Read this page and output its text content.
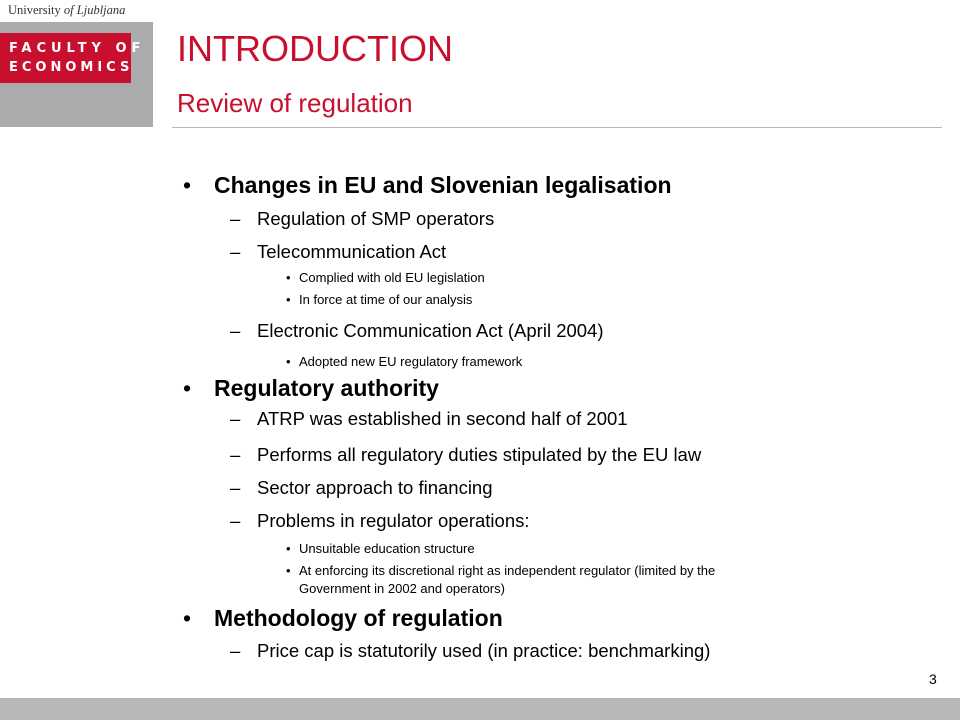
University of Ljubljana
FACULTY OF
ECONOMICS INTRODUCTION
Review of regulation
• Changes in EU and Slovenian legalisation
– Regulation of SMP operators
– Telecommunication Act
• Complied with old EU legislation
• In force at time of our analysis
– Electronic Communication Act (April 2004)
• Adopted new EU regulatory framework
• Regulatory authority
– ATRP was established in second half of 2001
– Performs all regulatory duties stipulated by the EU law
– Sector approach to financing
– Problems in regulator operations:
• Unsuitable education structure
• At enforcing its discretional right as independent regulator (limited by the
Government in 2002 and operators)
• Methodology of regulation
– Price cap is statutorily used (in practice: benchmarking)
3
